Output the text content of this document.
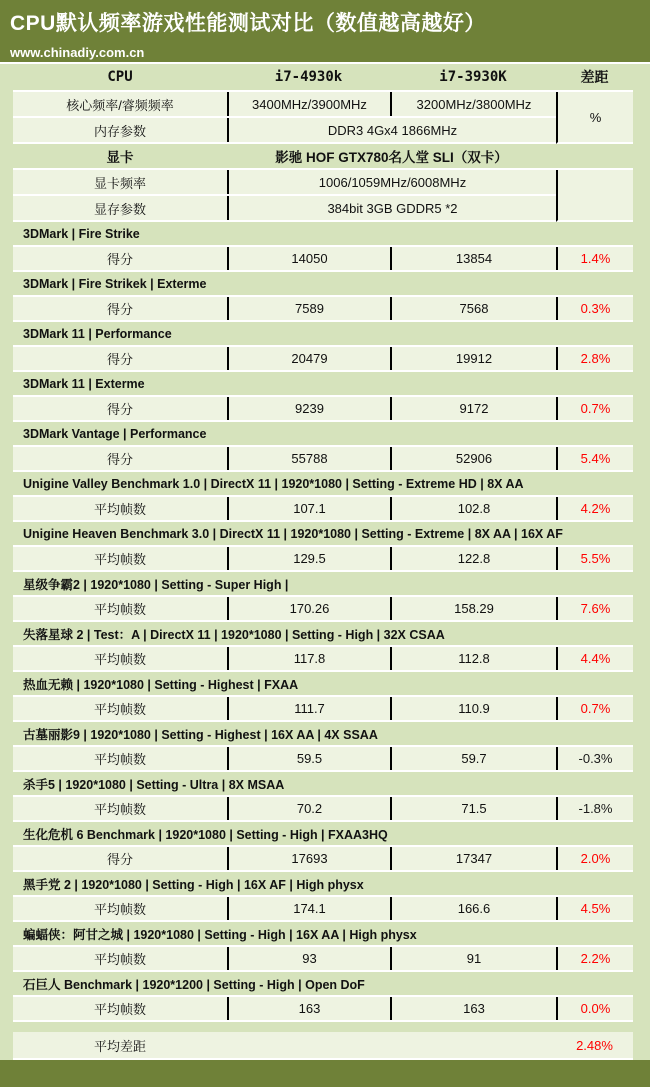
CPU默认频率游戏性能测试对比（数值越高越好）
www.chinadiy.com.cn
CPU	i7-4930k	i7-3930K	差距
核心频率/睿频频率	3400MHz/3900MHz	3200MHz/3800MHz
内存参数	DDR3 4Gx4 1866MHz
%
显卡	影驰 HOF GTX780名人堂 SLI（双卡）
显卡频率	1006/1059MHz/6008MHz
显存参数	384bit 3GB GDDR5 *2
3DMark | Fire Strike
得分	14050	13854	1.4%
3DMark | Fire Strikek | Exterme
得分	7589	7568	0.3%
3DMark 11 | Performance
得分	20479	19912	2.8%
3DMark 11 | Exterme
得分	9239	9172	0.7%
3DMark Vantage | Performance
得分	55788	52906	5.4%
Unigine Valley Benchmark 1.0 | DirectX 11 | 1920*1080 | Setting - Extreme HD | 8X AA
平均帧数	107.1	102.8	4.2%
Unigine Heaven Benchmark 3.0 | DirectX 11 | 1920*1080 | Setting - Extreme | 8X AA | 16X AF
平均帧数	129.5	122.8	5.5%
星级争霸2 | 1920*1080 | Setting - Super High |
平均帧数	170.26	158.29	7.6%
失落星球 2 | Test：A | DirectX 11 | 1920*1080 | Setting - High | 32X CSAA
平均帧数	117.8	112.8	4.4%
热血无赖 | 1920*1080 | Setting - Highest | FXAA
平均帧数	111.7	110.9	0.7%
古墓丽影9 | 1920*1080 | Setting - Highest | 16X AA | 4X SSAA
平均帧数	59.5	59.7	-0.3%
杀手5 | 1920*1080 | Setting - Ultra | 8X MSAA
平均帧数	70.2	71.5	-1.8%
生化危机 6 Benchmark | 1920*1080 | Setting - High | FXAA3HQ
得分	17693	17347	2.0%
黑手党 2 | 1920*1080 | Setting - High | 16X AF | High physx
平均帧数	174.1	166.6	4.5%
蝙蝠侠：阿甘之城 | 1920*1080 | Setting - High | 16X AA | High physx
平均帧数	93	91	2.2%
石巨人 Benchmark | 1920*1200 | Setting - High | Open DoF
平均帧数	163	163	0.0%
平均差距	2.48%
